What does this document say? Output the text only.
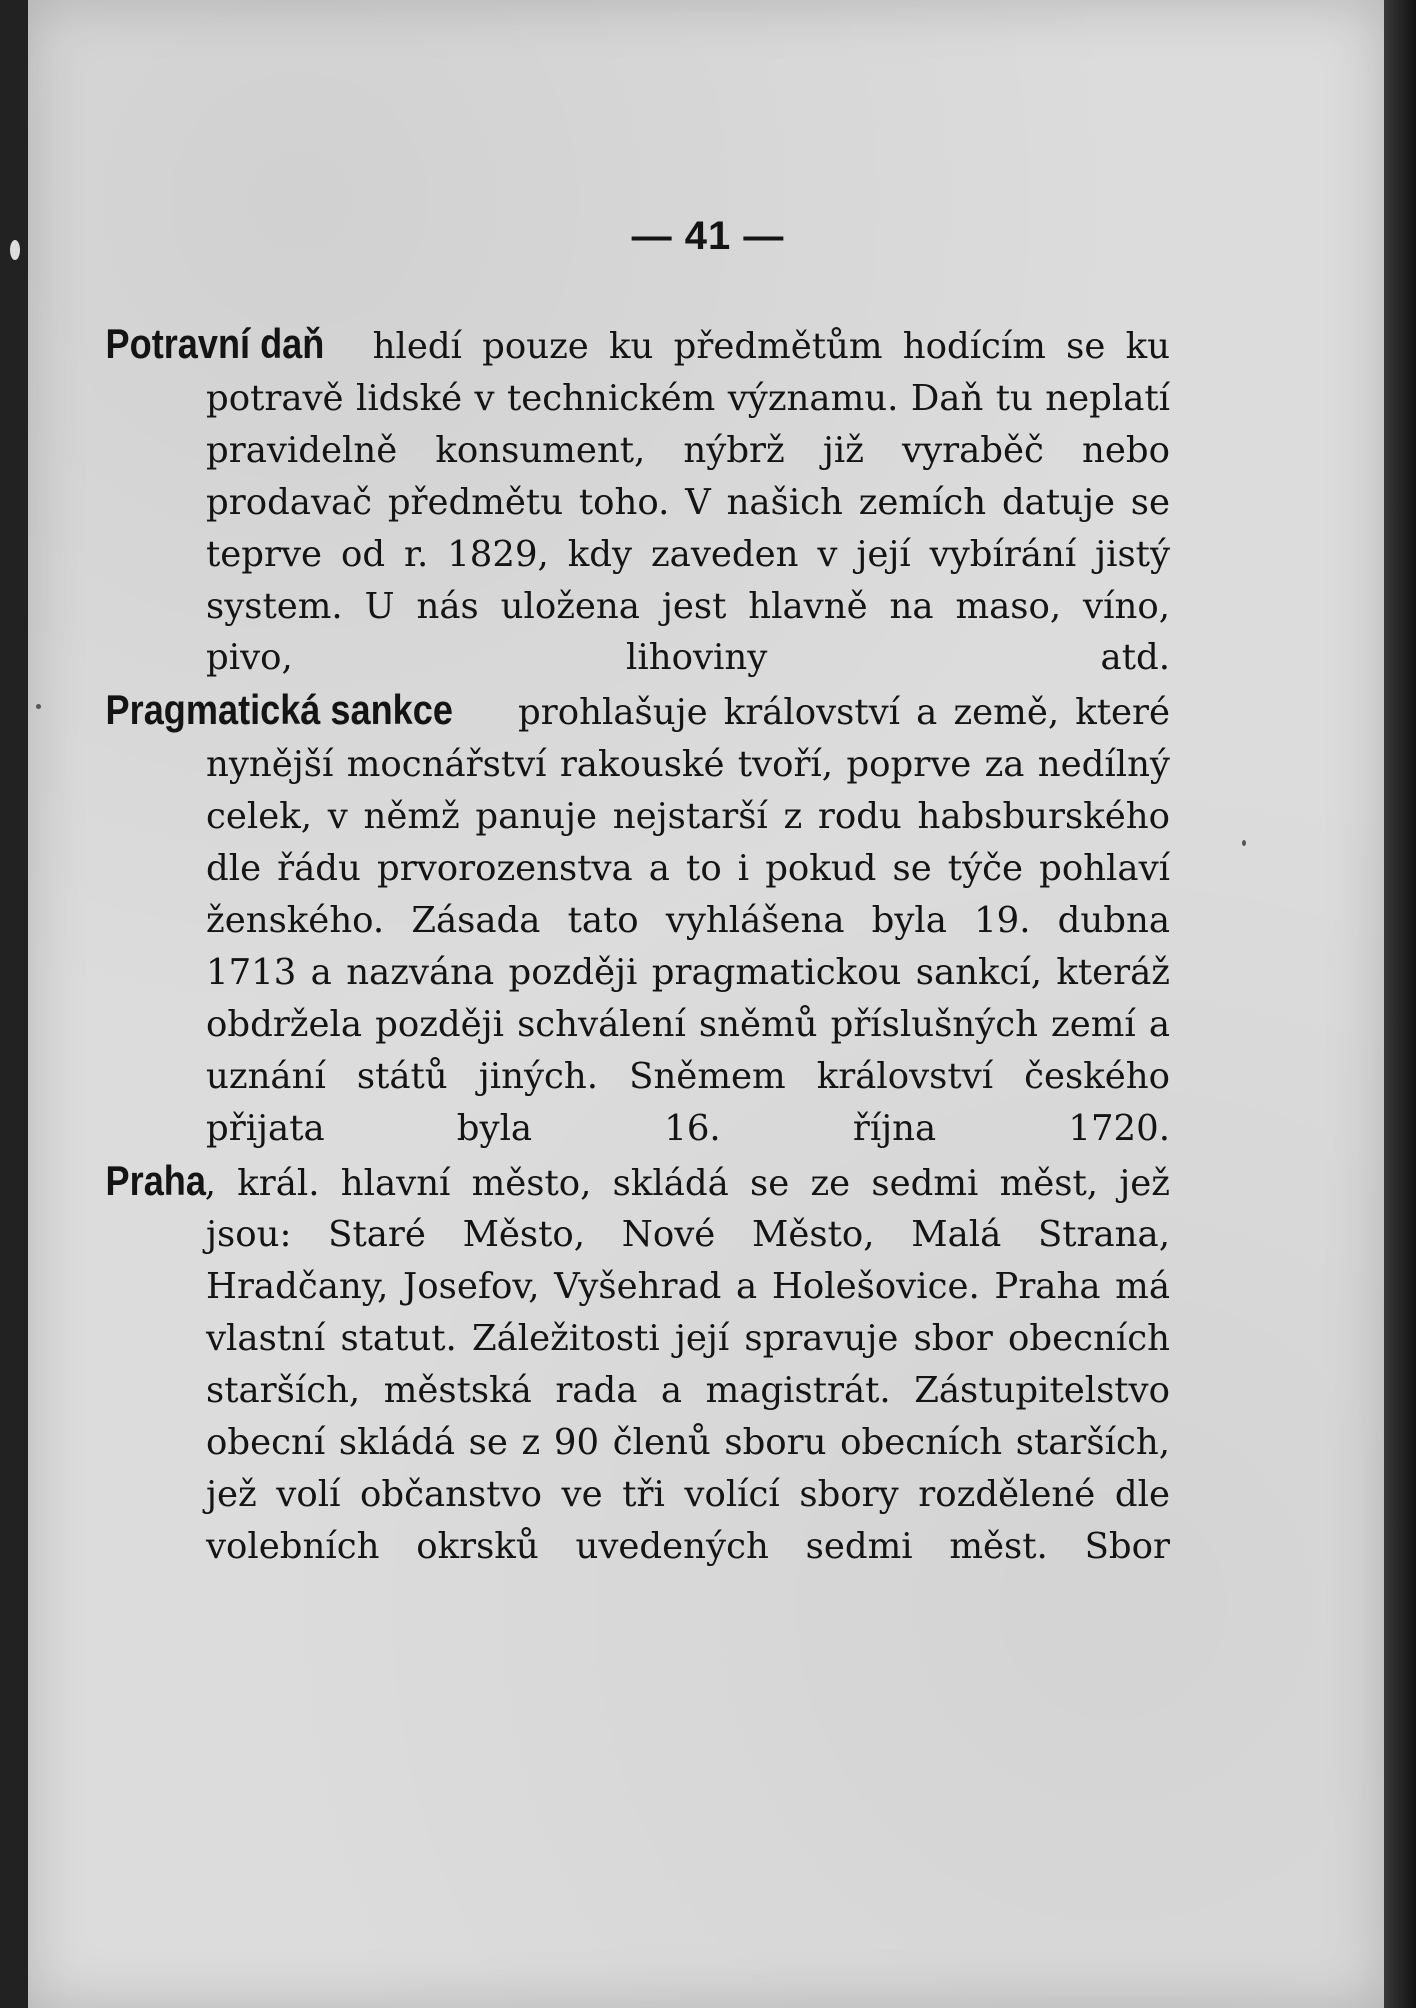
— 41 —

Potravní daň hledí pouze ku předmětům hodícím se ku potravě lidské v technickém významu. Daň tu neplatí pravidelně konsument, nýbrž již vyraběč nebo prodavač předmětu toho. V našich zemích datuje se teprve od r. 1829, kdy zaveden v její vybírání jistý system. U nás uložena jest hlavně na maso, víno, pivo, lihoviny atd.

Pragmatická sankce prohlašuje království a země, které nynější mocnářství rakouské tvoří, poprve za nedílný celek, v němž panuje nejstarší z rodu habsburského dle řádu prvorozenstva a to i pokud se týče pohlaví ženského. Zásada tato vyhlášena byla 19. dubna 1713 a nazvána později pragmatickou sankcí, kteráž obdržela později schválení sněmů příslušných zemí a uznání států jiných. Sněmem království českého přijata byla 16. října 1720.

Praha, král. hlavní město, skládá se ze sedmi měst, jež jsou: Staré Město, Nové Město, Malá Strana, Hradčany, Josefov, Vyšehrad a Holešovice. Praha má vlastní statut. Záležitosti její spravuje sbor obecních starších, městská rada a magistrát. Zástupitelstvo obecní skládá se z 90 členů sboru obecních starších, jež volí občanstvo ve tři volící sbory rozdělené dle volebních okrsků uvedených sedmi měst. Sbor
